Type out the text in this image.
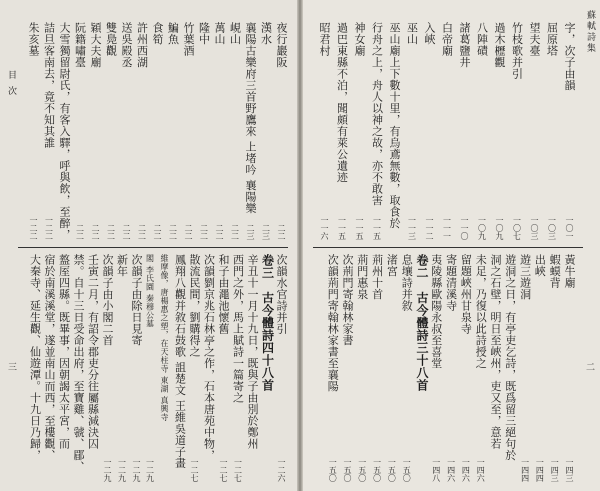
目 次
三
夜行巖阪
二二
漢水
二三
襄陽古樂府三首野鷹來 上堵吟 襄陽樂
二三
峴山
二二
萬山
二二
隆中
二二
竹葉酒
二二
鯿魚
二二
食筍
二二
許州西湖
二二
送吳殿丞
二二
雙鳧觀
二二
穎大夫廟
二二
阮籍嘯臺
二二
大雪獨留尉氏，有客入驛，呼與飲，至醉，
詰旦客南去，竟不知其誰
一二二
朱亥墓
一二二
次韻水官詩并引
一二六
卷三　古今體詩四十八首
辛丑十一月十九日，既與子由別於鄭州
西門之外，馬上賦詩一篇寄之
一二七
和子由澠池懷舊
一二七
次韻劉京兆石林亭之作，石本唐苑中物，
散流民間，劉購得之
一二七
鳳翔八觀并敘石鼓歌 詛楚文 王維吳道子畫
維摩像，唐楊惠之塑，在天柱寺 東湖 真興寺
閣 李氏園 秦穆公墓
一二九
次韻子由除日見寄
一二九
新年
一二九
次韻子由小閣二首
一二九
壬寅二月，有詔令郡吏分往屬縣減決囚
禁。自十三日受命出府，至寶雞、虢、郿、
盩厔四縣。既畢事，因朝謁太平宮，而
宿於南溪溪堂，遂並南山而西，至樓觀、
大秦寺、延生觀、仙遊潭。十九日乃歸，
蘇軾詩集
二
字，次子由韻
一〇一
屈原塔
一〇三
望夫臺
一〇三
竹枝歌并引
一〇七
過木櫪觀
一〇九
八陣磧
一〇九
諸葛鹽井
一一〇
白帝廟
一一一
入峽
一一二
巫山
一一三
巫山廟上下數十里，有烏鳶無數，取食於
行舟之上，舟人以神之故，亦不敢害
一一五
神女廟
一一五
過巴東縣不泊，聞頗有萊公遺迹
一一五
昭君村
一一六
黃牛廟
一四三
蝦蟆背
一四三
出峽
一四四
遊三遊洞
一四四
遊洞之日，有亭吏乞詩，既爲留三絕句於
洞之石壁，明日至峽州，吏又至，意若
未足，乃復以此詩授之
一四六
留題峽州甘泉寺
一四六
寄題清溪寺
一四六
夷陵縣歐陽永叔至喜堂
一四八
卷二　古今體詩三十八首
息壤詩并敘
一五〇
渚宮
一五〇
荊州十首
一五〇
荊門惠泉
一五〇
次荊門寄翰林家書
一五〇
次韻荊門寄翰林家書至襄陽
一五〇
